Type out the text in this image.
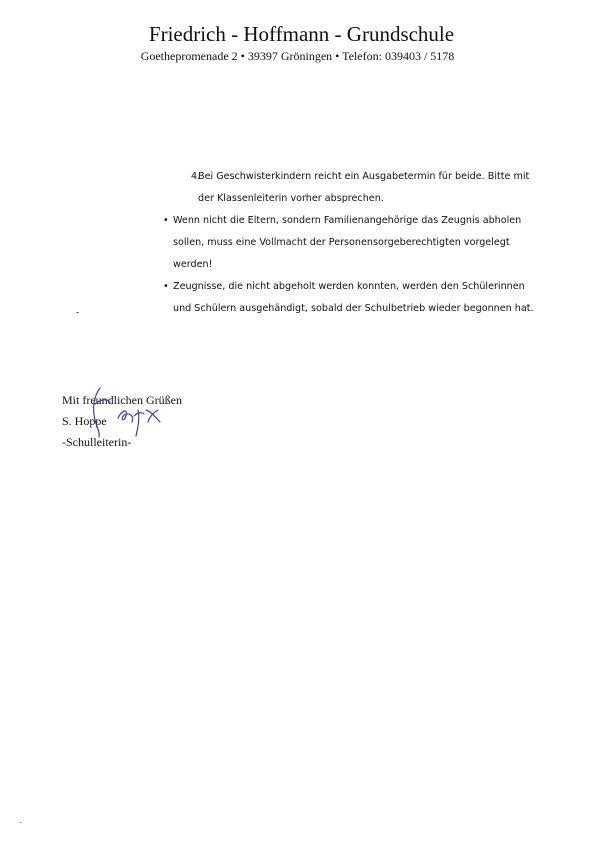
Friedrich - Hoffmann - Grundschule
Goethepromenade 2 • 39397 Gröningen • Telefon: 039403 / 5178
4.
Bei Geschwisterkindern reicht ein Ausgabetermin für beide. Bitte mit der Klassenleiterin vorher absprechen.
• Wenn nicht die Eltern, sondern Familienangehörige das Zeugnis abholen sollen, muss eine Vollmacht der Personensorgeberechtigten vorgelegt werden!
• Zeugnisse, die nicht abgeholt werden konnten, werden den Schülerinnen und Schülern ausgehändigt, sobald der Schulbetrieb wieder begonnen hat.
Mit freundlichen Grüßen
S. Hoppe
-Schulleiterin-
